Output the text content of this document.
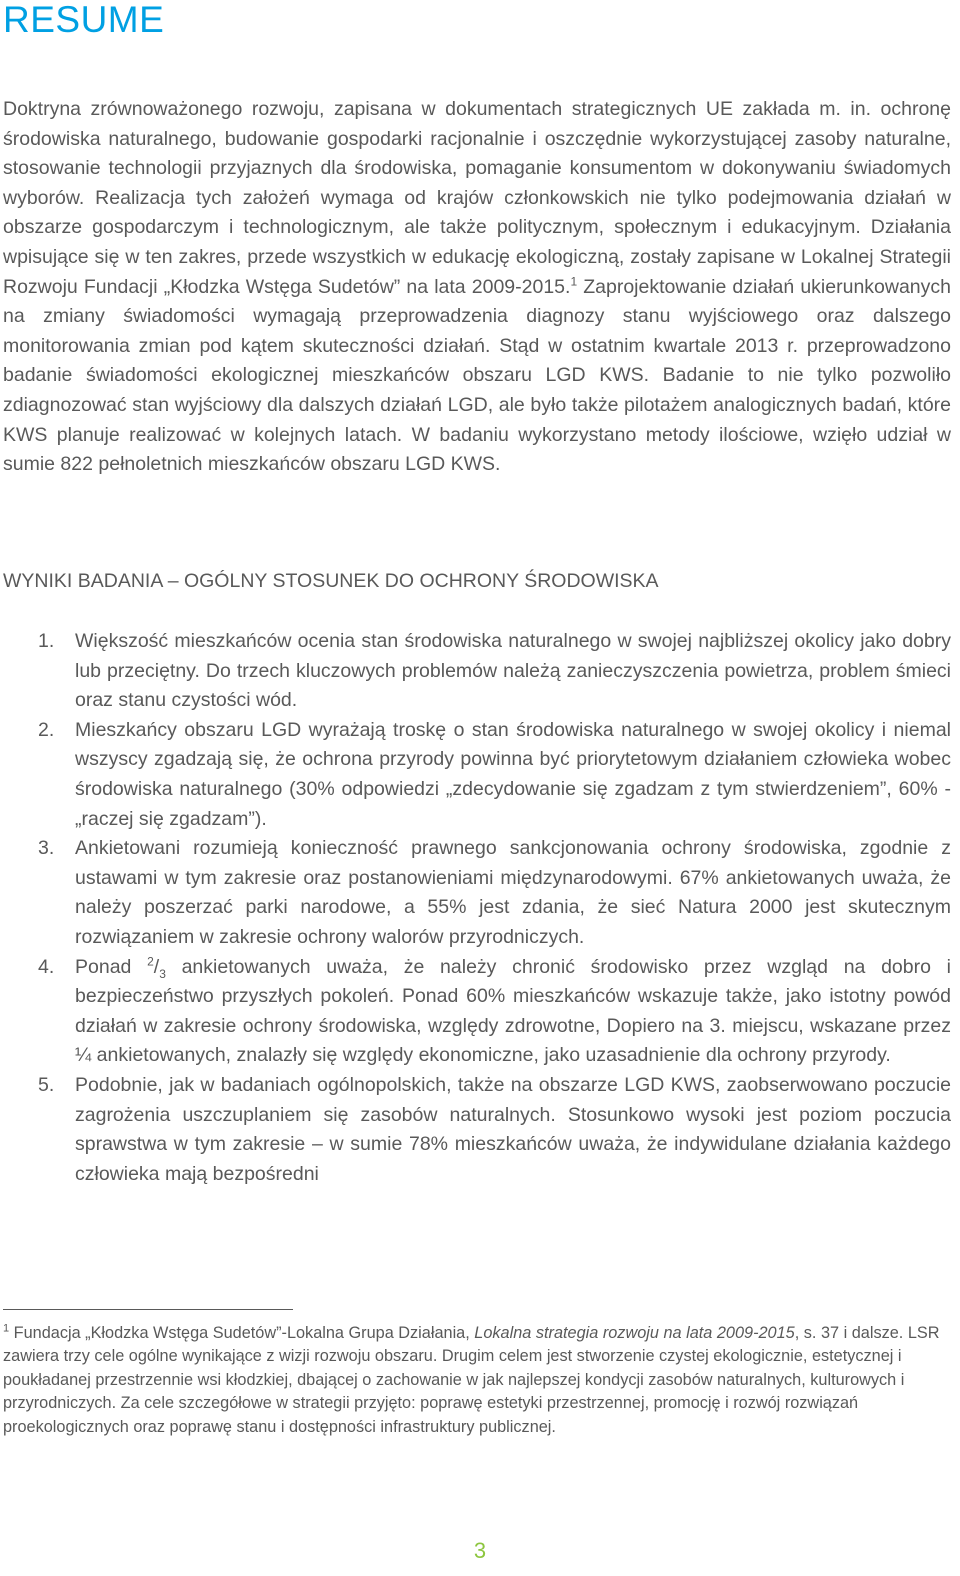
RESUME

Doktryna zrównoważonego rozwoju, zapisana w dokumentach strategicznych UE zakłada m. in. ochronę środowiska naturalnego, budowanie gospodarki racjonalnie i oszczędnie wykorzystującej zasoby naturalne, stosowanie technologii przyjaznych dla środowiska, pomaganie konsumentom w dokonywaniu świadomych wyborów. Realizacja tych założeń wymaga od krajów członkowskich nie tylko podejmowania działań w obszarze gospodarczym i technologicznym, ale także politycznym, społecznym i edukacyjnym. Działania wpisujące się w ten zakres, przede wszystkich w edukację ekologiczną, zostały zapisane w Lokalnej Strategii Rozwoju Fundacji „Kłodzka Wstęga Sudetów” na lata 2009-2015.$^1$ Zaprojektowanie działań ukierunkowanych na zmiany świadomości wymagają przeprowadzenia diagnozy stanu wyjściowego oraz dalszego monitorowania zmian pod kątem skuteczności działań. Stąd w ostatnim kwartale 2013 r. przeprowadzono badanie świadomości ekologicznej mieszkańców obszaru LGD KWS. Badanie to nie tylko pozwoliło zdiagnozować stan wyjściowy dla dalszych działań LGD, ale było także pilotażem analogicznych badań, które KWS planuje realizować w kolejnych latach. W badaniu wykorzystano metody ilościowe, wzięło udział w sumie 822 pełnoletnich mieszkańców obszaru LGD KWS.

WYNIKI BADANIA – OGÓLNY STOSUNEK DO OCHRONY ŚRODOWISKA

1. Większość mieszkańców ocenia stan środowiska naturalnego w swojej najbliższej okolicy jako dobry lub przeciętny. Do trzech kluczowych problemów należą zanieczyszczenia powietrza, problem śmieci oraz stanu czystości wód.
2. Mieszkańcy obszaru LGD wyrażają troskę o stan środowiska naturalnego w swojej okolicy i niemal wszyscy zgadzają się, że ochrona przyrody powinna być priorytetowym działaniem człowieka wobec środowiska naturalnego (30% odpowiedzi „zdecydowanie się zgadzam z tym stwierdzeniem”, 60% - „raczej się zgadzam”).
3. Ankietowani rozumieją konieczność prawnego sankcjonowania ochrony środowiska, zgodnie z ustawami w tym zakresie oraz postanowieniami międzynarodowymi. 67% ankietowanych uważa, że należy poszerzać parki narodowe, a 55% jest zdania, że sieć Natura 2000 jest skutecznym rozwiązaniem w zakresie ochrony walorów przyrodniczych.
4. Ponad $^2/_3$ ankietowanych uważa, że należy chronić środowisko przez wzgląd na dobro i bezpieczeństwo przyszłych pokoleń. Ponad 60% mieszkańców wskazuje także, jako istotny powód działań w zakresie ochrony środowiska, względy zdrowotne, Dopiero na 3. miejscu, wskazane przez ¼ ankietowanych, znalazły się względy ekonomiczne, jako uzasadnienie dla ochrony przyrody.
5. Podobnie, jak w badaniach ogólnopolskich, także na obszarze LGD KWS, zaobserwowano poczucie zagrożenia uszczuplaniem się zasobów naturalnych. Stosunkowo wysoki jest poziom poczucia sprawstwa w tym zakresie – w sumie 78% mieszkańców uważa, że indywidulane działania każdego człowieka mają bezpośredni

$^1$ Fundacja „Kłodzka Wstęga Sudetów”-Lokalna Grupa Działania, Lokalna strategia rozwoju na lata 2009-2015, s. 37 i dalsze. LSR zawiera trzy cele ogólne wynikające z wizji rozwoju obszaru. Drugim celem jest stworzenie czystej ekologicznie, estetycznej i poukładanej przestrzennie wsi kłodzkiej, dbającej o zachowanie w jak najlepszej kondycji zasobów naturalnych, kulturowych i przyrodniczych. Za cele szczegółowe w strategii przyjęto: poprawę estetyki przestrzennej, promocję i rozwój rozwiązań proekologicznych oraz poprawę stanu i dostępności infrastruktury publicznej.

3
